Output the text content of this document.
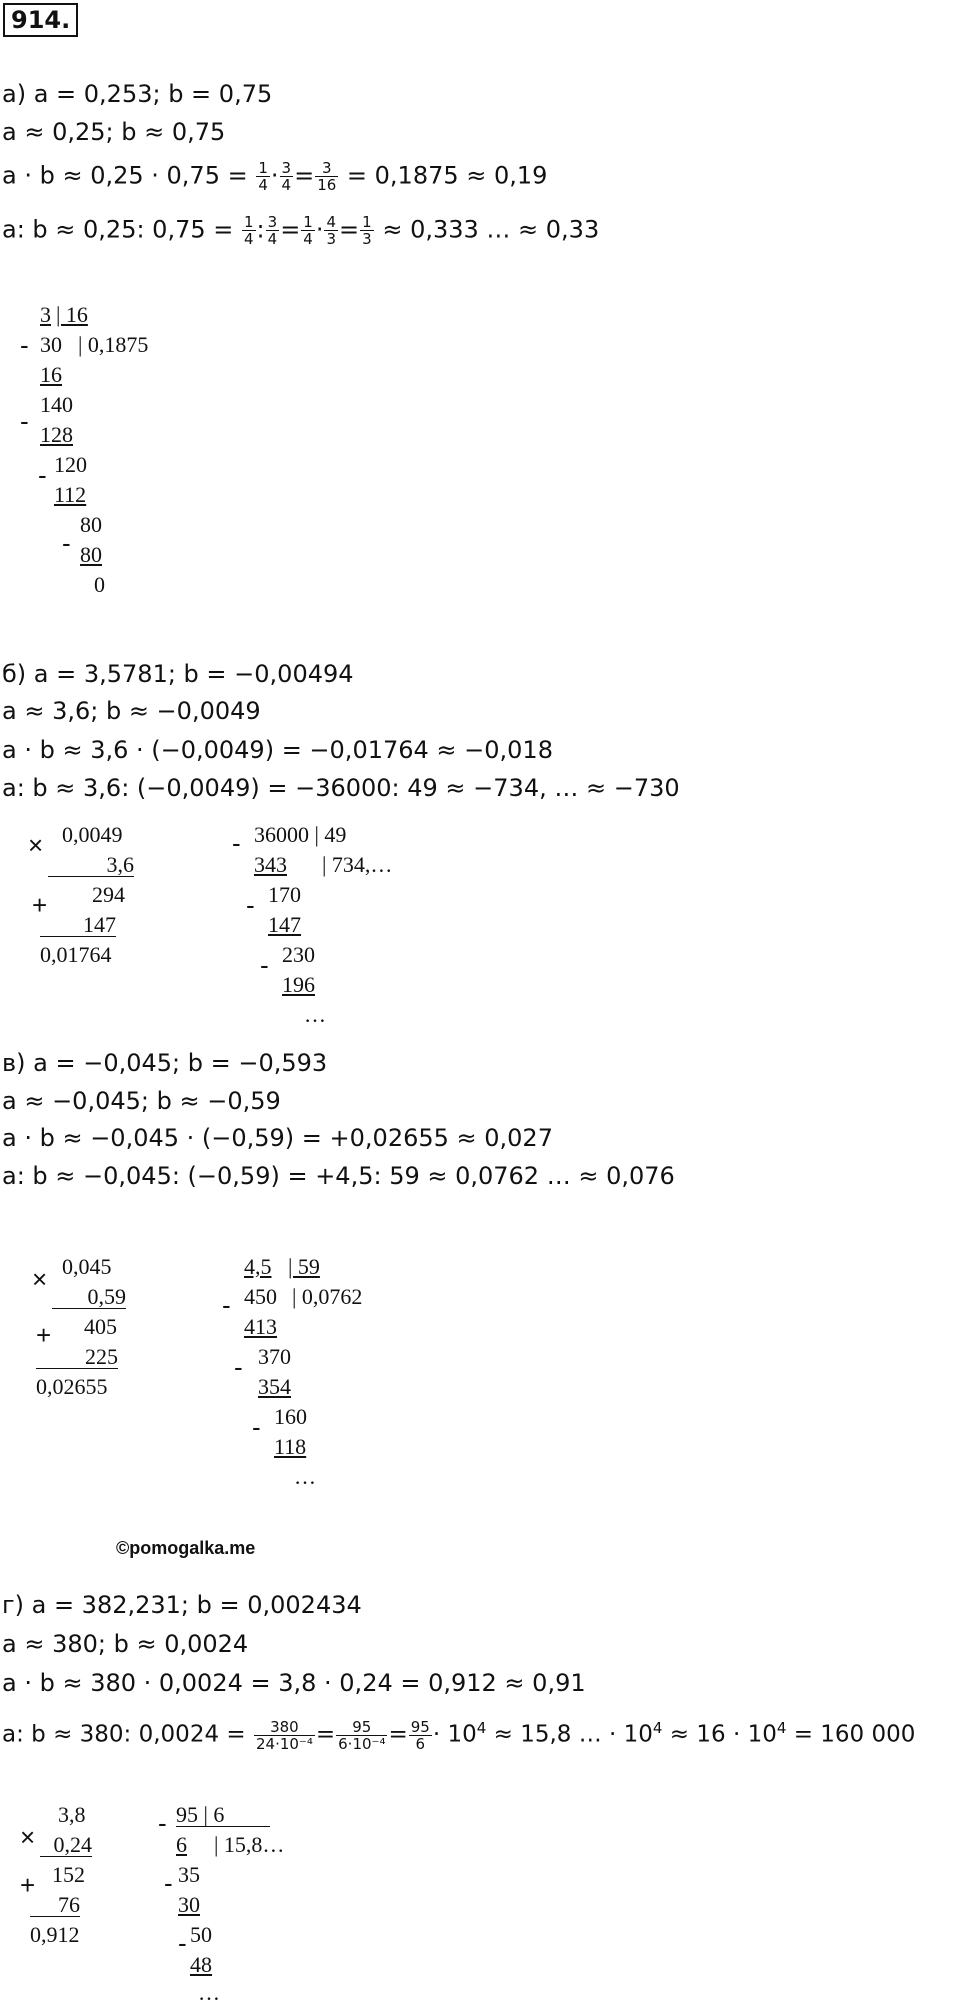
914.
а) a = 0,253; b = 0,75
a ≈ 0,25; b ≈ 0,75
$a \cdot b \approx 0,25 \cdot 0,75 = \frac{1}{4} \cdot \frac{3}{4} = \frac{3}{16} = 0,1875 \approx 0,19$
a: b ≈ 0,25: $0,75 = \frac{1}{4}$ : $\frac{3}{4} = \frac{1}{4} \cdot \frac{4}{3} = \frac{1}{3} \approx 0,333$ … ≈ 0,33
3 | 16
- 30 | 0,1875
16
-
140
128
- 120
112
-
80
80
0
б) a = 3,5781; b = −0,00494
a ≈ 3,6; b ≈ −0,0049
a · b ≈ 3,6 · (−0,0049) = −0,01764 ≈ −0,018
a: b ≈ 3,6: (−0,0049) = −36000: 49 ≈ −734, … ≈ −730
× 0,0049
3,6
+ 294
147
0,01764
- 36000 | 49
343 | 734,…
- 170
147
- 230
196
…
в) a = −0,045; b = −0,593
a ≈ −0,045; b ≈ −0,59
a · b ≈ −0,045 · (−0,59) = +0,02655 ≈ 0,027
a: b ≈ −0,045: (−0,59) = +4,5: 59 ≈ 0,0762 … ≈ 0,076
× 0,045
0,59
+ 405
225
0,02655
4,5 | 59
- 450 | 0,0762
413
- 370
354
- 160
118
…
©pomogalka.me
г) a = 382,231; b = 0,002434
a ≈ 380; b ≈ 0,0024
a · b ≈ 380 · 0,0024 = 3,8 · 0,24 = 0,912 ≈ 0,91
a: b ≈ 380: $0,0024 = \frac{380}{\text{24·10⁻⁴}} = \frac{95}{\text{6·10⁻⁴}} = \frac{95}{6} \cdot 10^4 \approx 15,8$ … · $10^4 \approx 16 \cdot 10^4 = 160$ 000
×
3,8
0,24
+ 152
76
0,912
- 95 | 6
6 | 15,8…
- 35
30
- 50
48
…
